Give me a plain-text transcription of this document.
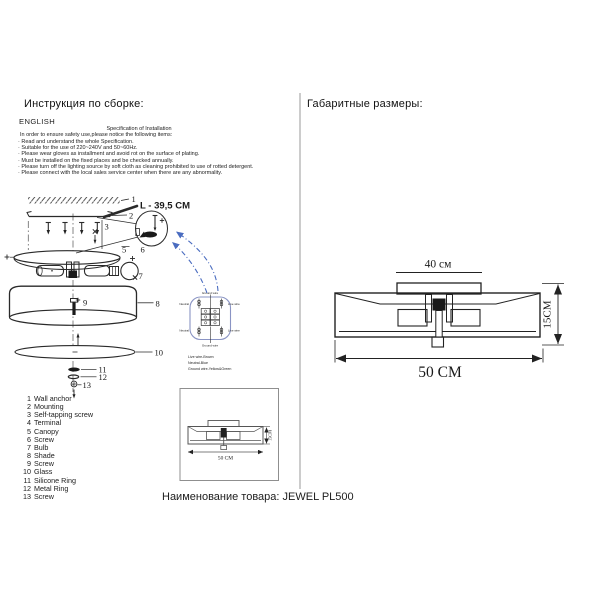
Инструкция по сборке:	Габаритные размеры:
ENGLISH
Specification of Installation
In order to ensure safety use,please notice the following items:
· Read and understand the whole Specification.
· Suitable for the use of 220~240V and 50~60Hz.
· Please wear gloves as installment and avoid rot on the surface of plating.
· Must be installed on the fixed places and be checked annually.
· Please turn off the lighting source by soft cloth as cleaning prohibited to use of rotted detergent.
· Please connect with the local sales service center when there are any abnormality.
1 Wall anchor
2 Mounting
3 Self-tapping screw
4 Terminal
5 Canopy
6 Screw
7 Bulb
8 Shade
9 Screw
10 Glass
11 Silicone Ring
12 Metal Ring
13 Screw	Наименование товара: JEWEL PL500
1
2
3
5 6
7
8
9
10
11
12
13
L - 39,5 CM
Ground wire
Neutral	Live wire
Neutral	Live wire
Ground wire
Live wire-Brown
Neutral-Blue
Ground wire-Yellow&Green
50 CM
15CM
40 см
15CM
50 CM
